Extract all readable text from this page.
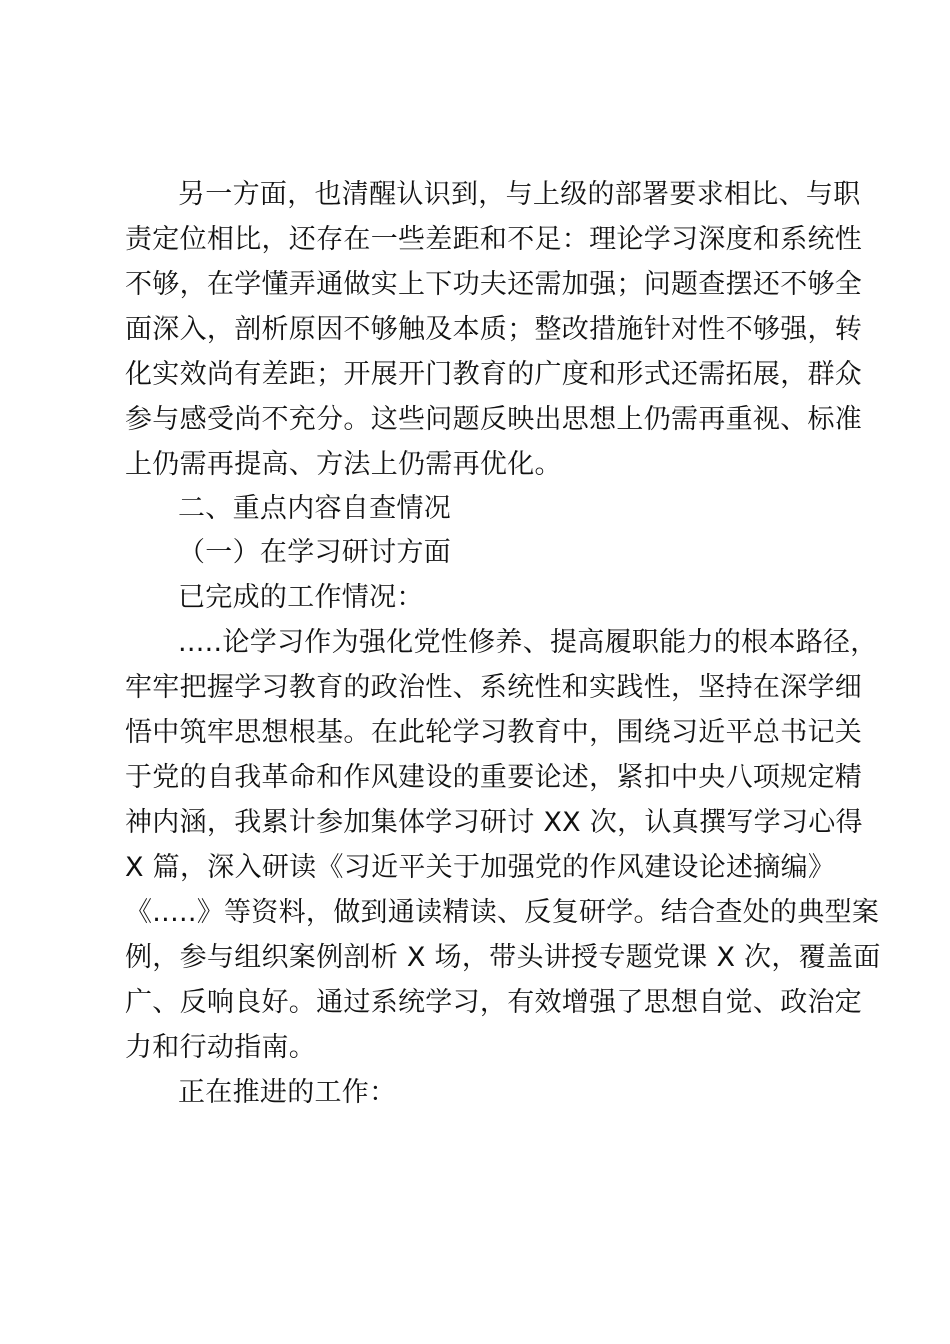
另一方面，也清醒认识到，与上级的部署要求相比、与职
责定位相比，还存在一些差距和不足：理论学习深度和系统性
不够，在学懂弄通做实上下功夫还需加强；问题查摆还不够全
面深入，剖析原因不够触及本质；整改措施针对性不够强，转
化实效尚有差距；开展开门教育的广度和形式还需拓展，群众
参与感受尚不充分。这些问题反映出思想上仍需再重视、标准
上仍需再提高、方法上仍需再优化。
二、重点内容自查情况
（一）在学习研讨方面
已完成的工作情况：
.....论学习作为强化党性修养、提高履职能力的根本路径，
牢牢把握学习教育的政治性、系统性和实践性，坚持在深学细
悟中筑牢思想根基。在此轮学习教育中，围绕习近平总书记关
于党的自我革命和作风建设的重要论述，紧扣中央八项规定精
神内涵，我累计参加集体学习研讨 XX 次，认真撰写学习心得
X 篇，深入研读《习近平关于加强党的作风建设论述摘编》
《.....》等资料，做到通读精读、反复研学。结合查处的典型案
例，参与组织案例剖析 X 场，带头讲授专题党课 X 次，覆盖面
广、反响良好。通过系统学习，有效增强了思想自觉、政治定
力和行动指南。
正在推进的工作：
